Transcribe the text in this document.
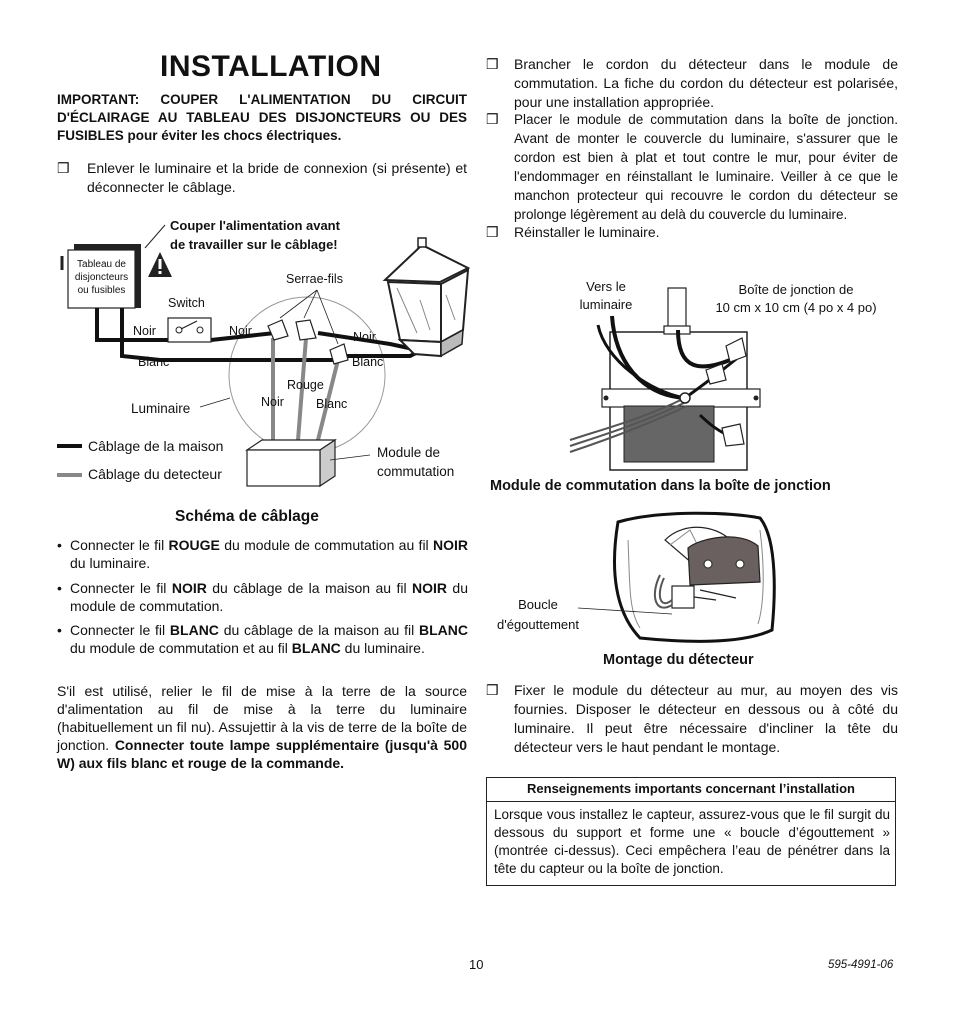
INSTALLATION
IMPORTANT: COUPER L'ALIMENTATION DU CIRCUIT D'ÉCLAIRAGE AU TABLEAU DES DISJONCTEURS OU DES FUSIBLES pour éviter les chocs électriques.
❒ Enlever le luminaire et la bride de connexion (si présente) et déconnecter le câblage.
Couper l'alimentation avant
de travailler sur le câblage!
Tableau de
disjoncteurs
ou fusibles
Switch
Serrae-fils
Noir	Noir	Noir
Blanc	Blanc
Rouge
Noir	Blanc
Luminaire
Module de
commutation
Câblage de la maison
Câblage du detecteur
Schéma de câblage
• Connecter le fil ROUGE du module de commutation au fil NOIR du luminaire.
• Connecter le fil NOIR du câblage de la maison au fil NOIR du module de commutation.
• Connecter le fil BLANC du câblage de la maison au fil BLANC du module de commutation et au fil BLANC du luminaire.
S'il est utilisé, relier le fil de mise à la terre de la source d'alimentation au fil de mise à la terre du luminaire (habituellement un fil nu). Assujettir à la vis de terre de la boîte de jonction. Connecter toute lampe supplémentaire (jusqu'à 500 W) aux fils blanc et rouge de la commande.
❒ Brancher le cordon du détecteur dans le module de commutation. La fiche du cordon du détecteur est polarisée, pour une installation appropriée.
❒ Placer le module de commutation dans la boîte de jonction. Avant de monter le couvercle du luminaire, s'assurer que le cordon est bien à plat et tout contre le mur, pour éviter de l'endommager en réinstallant le luminaire. Veiller à ce que le manchon protecteur qui recouvre le cordon du détecteur se prolonge légèrement au delà du couvercle du luminaire.
❒ Réinstaller le luminaire.
Vers le
luminaire
Boîte de jonction de
10 cm x 10 cm (4 po x 4 po)
Module de commutation dans la boîte de jonction
Boucle
d'égouttement
Montage du détecteur
❒ Fixer le module du détecteur au mur, au moyen des vis fournies. Disposer le détecteur en dessous ou à côté du luminaire. Il peut être nécessaire d'incliner la tête du détecteur vers le haut pendant le montage.
Renseignements importants concernant l’installation
Lorsque vous installez le capteur, assurez-vous que le fil surgit du dessous du support et forme une « boucle d’égouttement » (montrée ci-dessus). Ceci empêchera l’eau de pénétrer dans la tête du capteur ou la boîte de jonction.
10	595-4991-06
